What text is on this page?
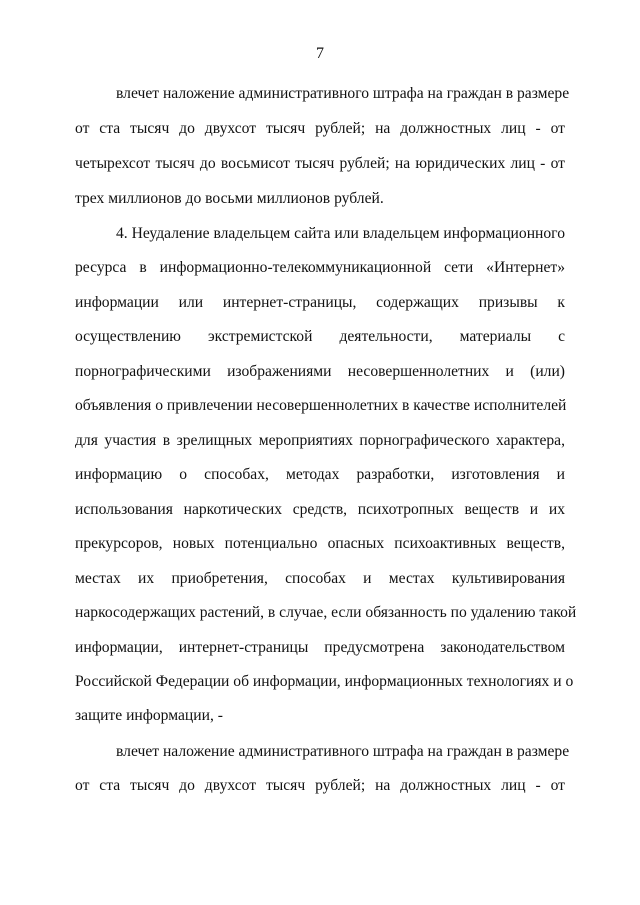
7
влечет наложение административного штрафа на граждан в размере
от ста тысяч до двухсот тысяч рублей; на должностных лиц - от
четырехсот тысяч до восьмисот тысяч рублей; на юридических лиц - от
трех миллионов до восьми миллионов рублей.
4. Неудаление владельцем сайта или владельцем информационного
ресурса в информационно-телекоммуникационной сети «Интернет»
информации или интернет-страницы, содержащих призывы к
осуществлению экстремистской деятельности, материалы с
порнографическими изображениями несовершеннолетних и (или)
объявления о привлечении несовершеннолетних в качестве исполнителей
для участия в зрелищных мероприятиях порнографического характера,
информацию о способах, методах разработки, изготовления и
использования наркотических средств, психотропных веществ и их
прекурсоров, новых потенциально опасных психоактивных веществ,
местах их приобретения, способах и местах культивирования
наркосодержащих растений, в случае, если обязанность по удалению такой
информации, интернет-страницы предусмотрена законодательством
Российской Федерации об информации, информационных технологиях и о
защите информации, -
влечет наложение административного штрафа на граждан в размере
от ста тысяч до двухсот тысяч рублей; на должностных лиц - от
